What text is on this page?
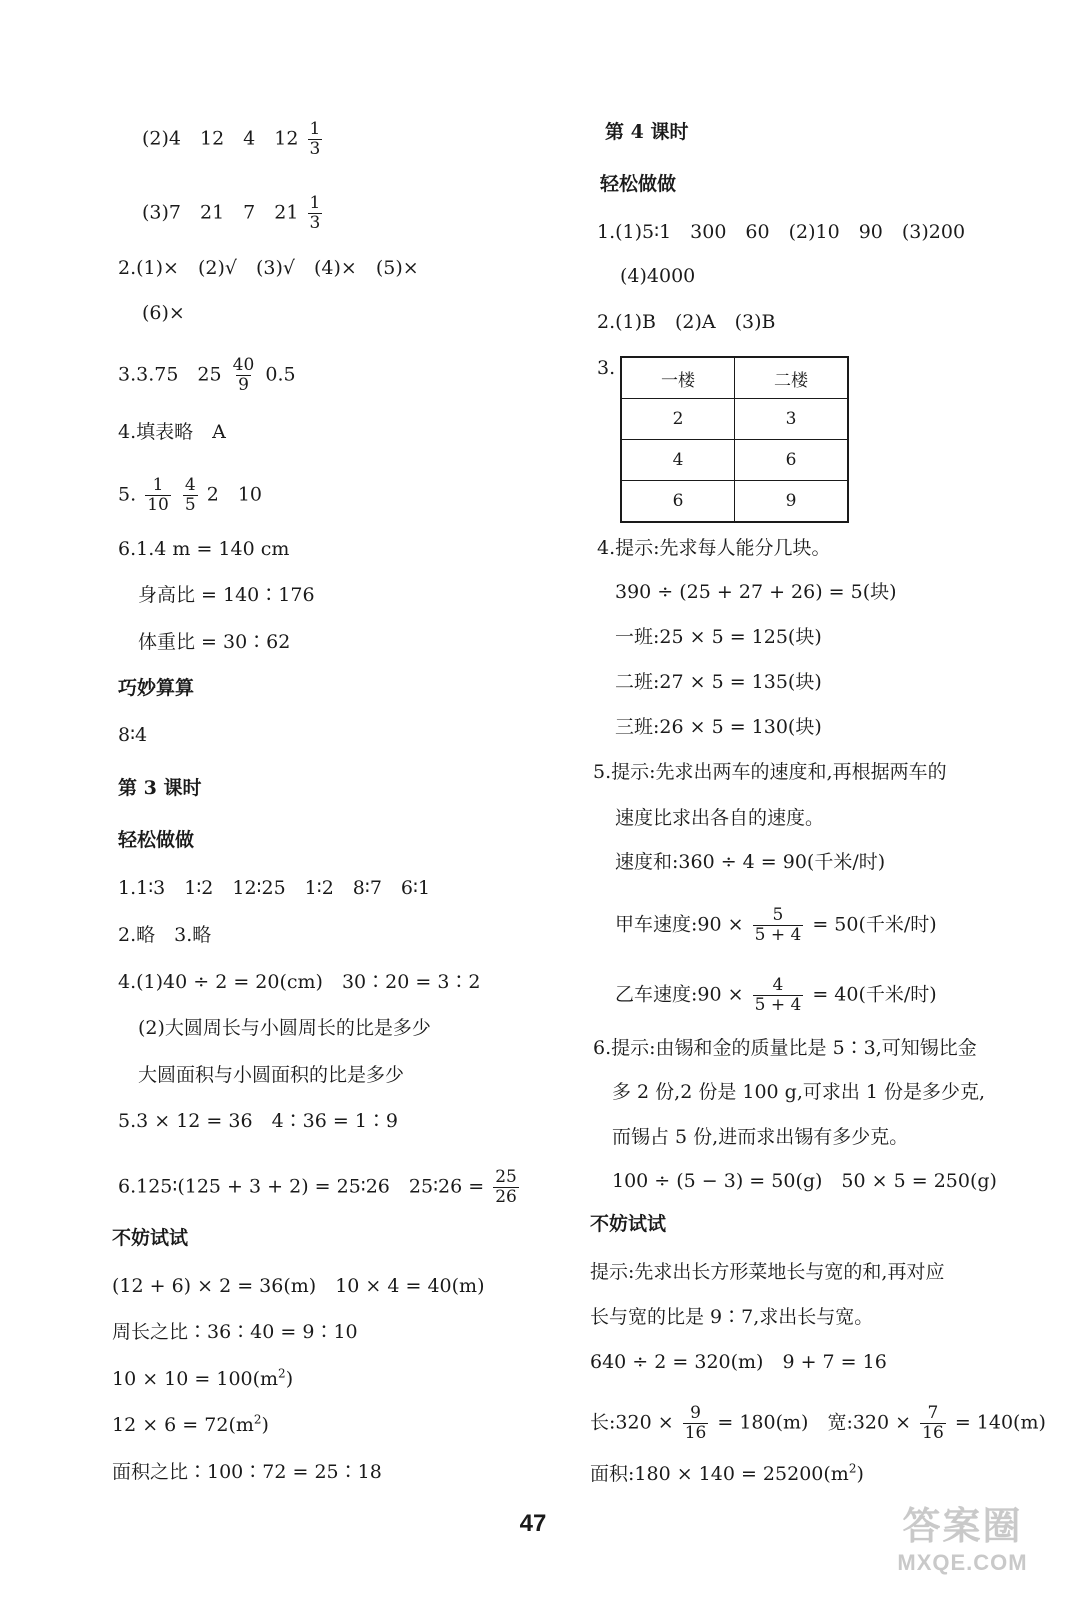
(2)4　12　4　$12 \frac{1}{3}$
(3)7　21　7　$21 \frac{1}{3}$
2.(1)×　(2)√　(3)√　(4)×　(5)×
(6)×
3.3.75　$25 \frac{40}{9} 0.5$
4.填表略　A
5. $\frac{1}{10}$
$\frac{4}{5} 2$　10
6.1.4 m = 140 cm
身高比 = 140∶176
体重比 = 30∶62
巧妙算算
8∶4
第 3 课时
轻松做做
1.1∶3　1∶2　12∶25　1∶2　8∶7　6∶1
2.略　3.略
4.(1)40 ÷ 2 = 20(cm)　30∶20 = 3∶2
(2)大圆周长与小圆周长的比是多少
大圆面积与小圆面积的比是多少
5.3 × 12 = 36　4∶36 = 1∶9
6.125∶(125 + 3 + 2) = 25∶26　25∶26 = $\frac{25}{26}$
不妨试试
(12 + 6) × 2 = 36(m)　10 × 4 = 40(m)
周长之比∶36∶40 = 9∶10
$10 \times 10 = 100(m^2)$
$12 \times 6 = 72(m^2)$
面积之比∶100∶72 = 25∶18
第 4 课时
轻松做做
1.(1)5∶1　300　60　(2)10　90　(3)200
(4)4000
2.(1)B　(2)A　(3)B
3.
一楼	二楼
2	3
4	6
6	9
4.提示:先求每人能分几块。
390 ÷ (25 + 27 + 26) = 5(块)
一班:25 × 5 = 125(块)
二班:27 × 5 = 135(块)
三班:26 × 5 = 130(块)
5.提示:先求出两车的速度和,再根据两车的
速度比求出各自的速度。
速度和:360 ÷ 4 = 90(千米/时)
甲车速度:90 × $\frac{5}{5 + 4} = 50$(千米/时)
乙车速度:90 × $\frac{4}{5 + 4} = 40$(千米/时)
6.提示:由锡和金的质量比是 5∶3,可知锡比金
多 2 份,2 份是 100 g,可求出 1 份是多少克,
而锡占 5 份,进而求出锡有多少克。
100 ÷ (5 − 3) = 50(g)　50 × 5 = 250(g)
不妨试试
提示:先求出长方形菜地长与宽的和,再对应
长与宽的比是 9∶7,求出长与宽。
640 ÷ 2 = 320(m)　9 + 7 = 16
长:320 × $\frac{9}{16} = 180(m)$　宽:320 × $\frac{7}{16} = 140(m)$
面积:180 × $140 = 25200(m^2)$
47	答案圈
MXQE.COM
